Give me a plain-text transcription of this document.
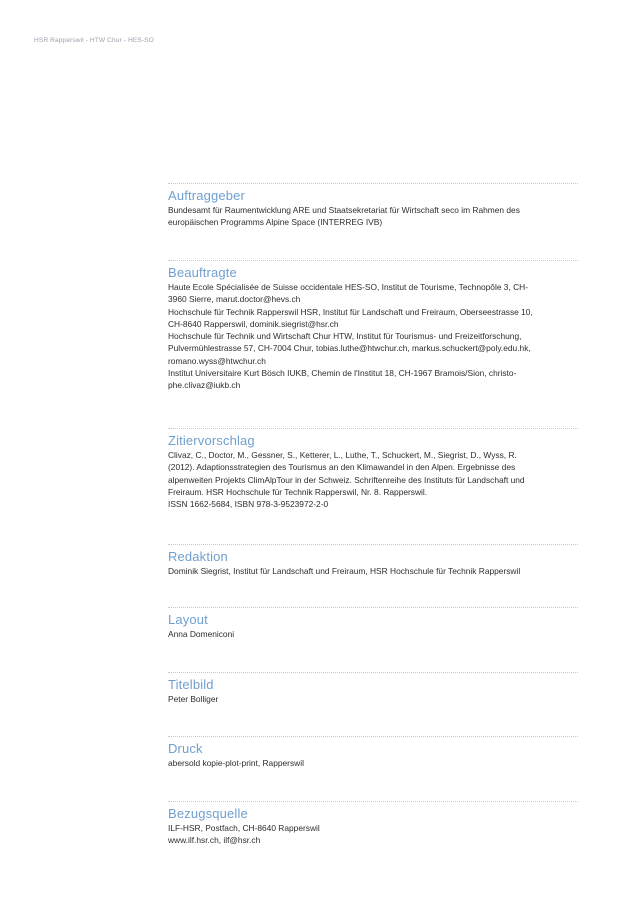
HSR Rapperswil - HTW Chur - HES-SO
Auftraggeber
Bundesamt für Raumentwicklung ARE und Staatsekretariat für Wirtschaft seco im Rahmen des
europäischen Programms Alpine Space (INTERREG IVB)
Beauftragte
Haute Ecole Spécialisée de Suisse occidentale HES-SO, Institut de Tourisme, Technopôle 3, CH-
3960 Sierre, marut.doctor@hevs.ch
Hochschule für Technik Rapperswil HSR, Institut für Landschaft und Freiraum, Oberseestrasse 10,
CH-8640 Rapperswil, dominik.siegrist@hsr.ch
Hochschule für Technik und Wirtschaft Chur HTW, Institut für Tourismus- und Freizeitforschung,
Pulvermühlestrasse 57, CH-7004 Chur, tobias.luthe@htwchur.ch, markus.schuckert@poly.edu.hk,
romano.wyss@htwchur.ch
Institut Universitaire Kurt Bösch IUKB, Chemin de l'Institut 18, CH-1967 Bramois/Sion, christo-
phe.clivaz@iukb.ch
Zitiervorschlag
Clivaz, C., Doctor, M., Gessner, S., Ketterer, L., Luthe, T., Schuckert, M., Siegrist, D., Wyss, R.
(2012). Adaptionsstrategien des Tourismus an den Klimawandel in den Alpen. Ergebnisse des
alpenweiten Projekts ClimAlpTour in der Schweiz. Schriftenreihe des Instituts für Landschaft und
Freiraum. HSR Hochschule für Technik Rapperswil, Nr. 8. Rapperswil.
ISSN 1662-5684, ISBN 978-3-9523972-2-0
Redaktion
Dominik Siegrist, Institut für Landschaft und Freiraum, HSR Hochschule für Technik Rapperswil
Layout
Anna Domeniconi
Titelbild
Peter Bolliger
Druck
abersold kopie-plot-print, Rapperswil
Bezugsquelle
ILF-HSR, Postfach, CH-8640 Rapperswil
www.ilf.hsr.ch, ilf@hsr.ch
